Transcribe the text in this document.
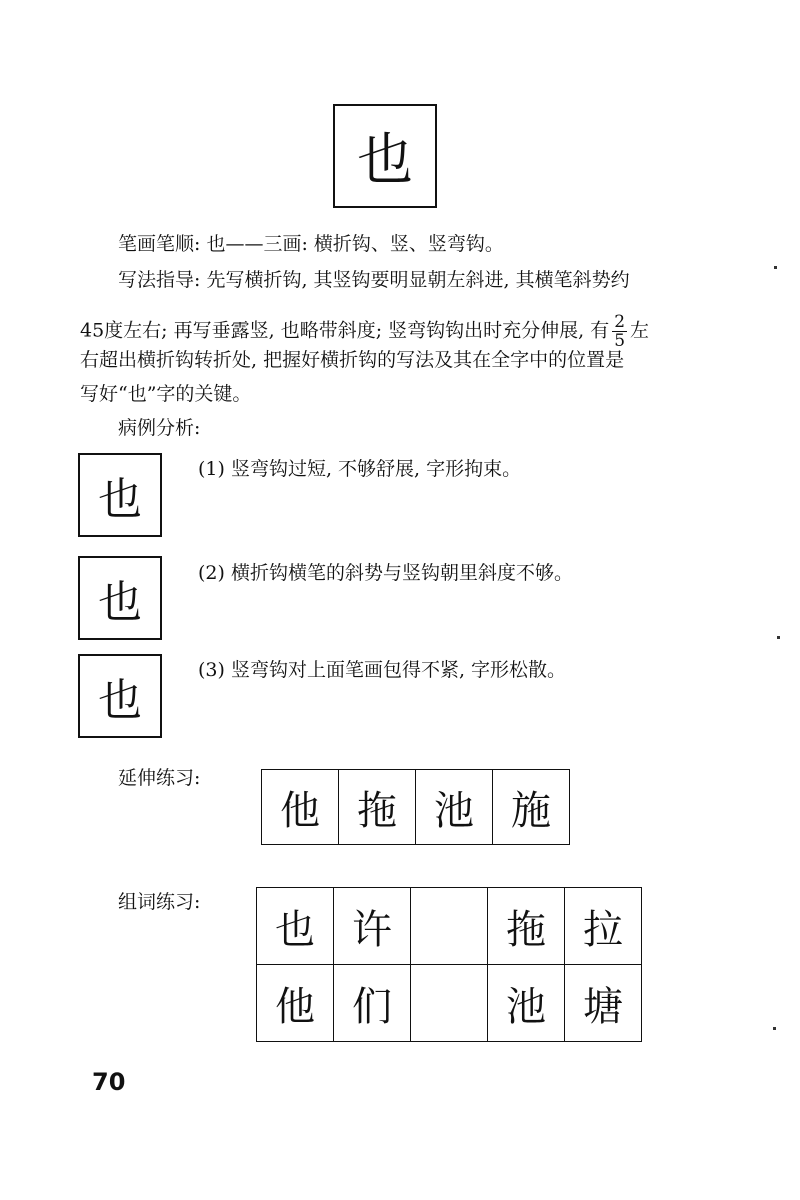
也
笔画笔顺: 也——三画: 横折钩、竖、竖弯钩。
写法指导: 先写横折钩, 其竖钩要明显朝左斜进, 其横笔斜势约
45度左右; 再写垂露竖, 也略带斜度; 竖弯钩钩出时充分伸展, 有 $\frac{2}{5}$ 左
右超出横折钩转折处, 把握好横折钩的写法及其在全字中的位置是
写好“也”字的关键。
病例分析:
也
(1) 竖弯钩过短, 不够舒展, 字形拘束。
也
(2) 横折钩横笔的斜势与竖钩朝里斜度不够。
也
(3) 竖弯钩对上面笔画包得不紧, 字形松散。
延伸练习:
他	拖	池	施
组词练习:
也	许		拖	拉
他	们		池	塘
70
